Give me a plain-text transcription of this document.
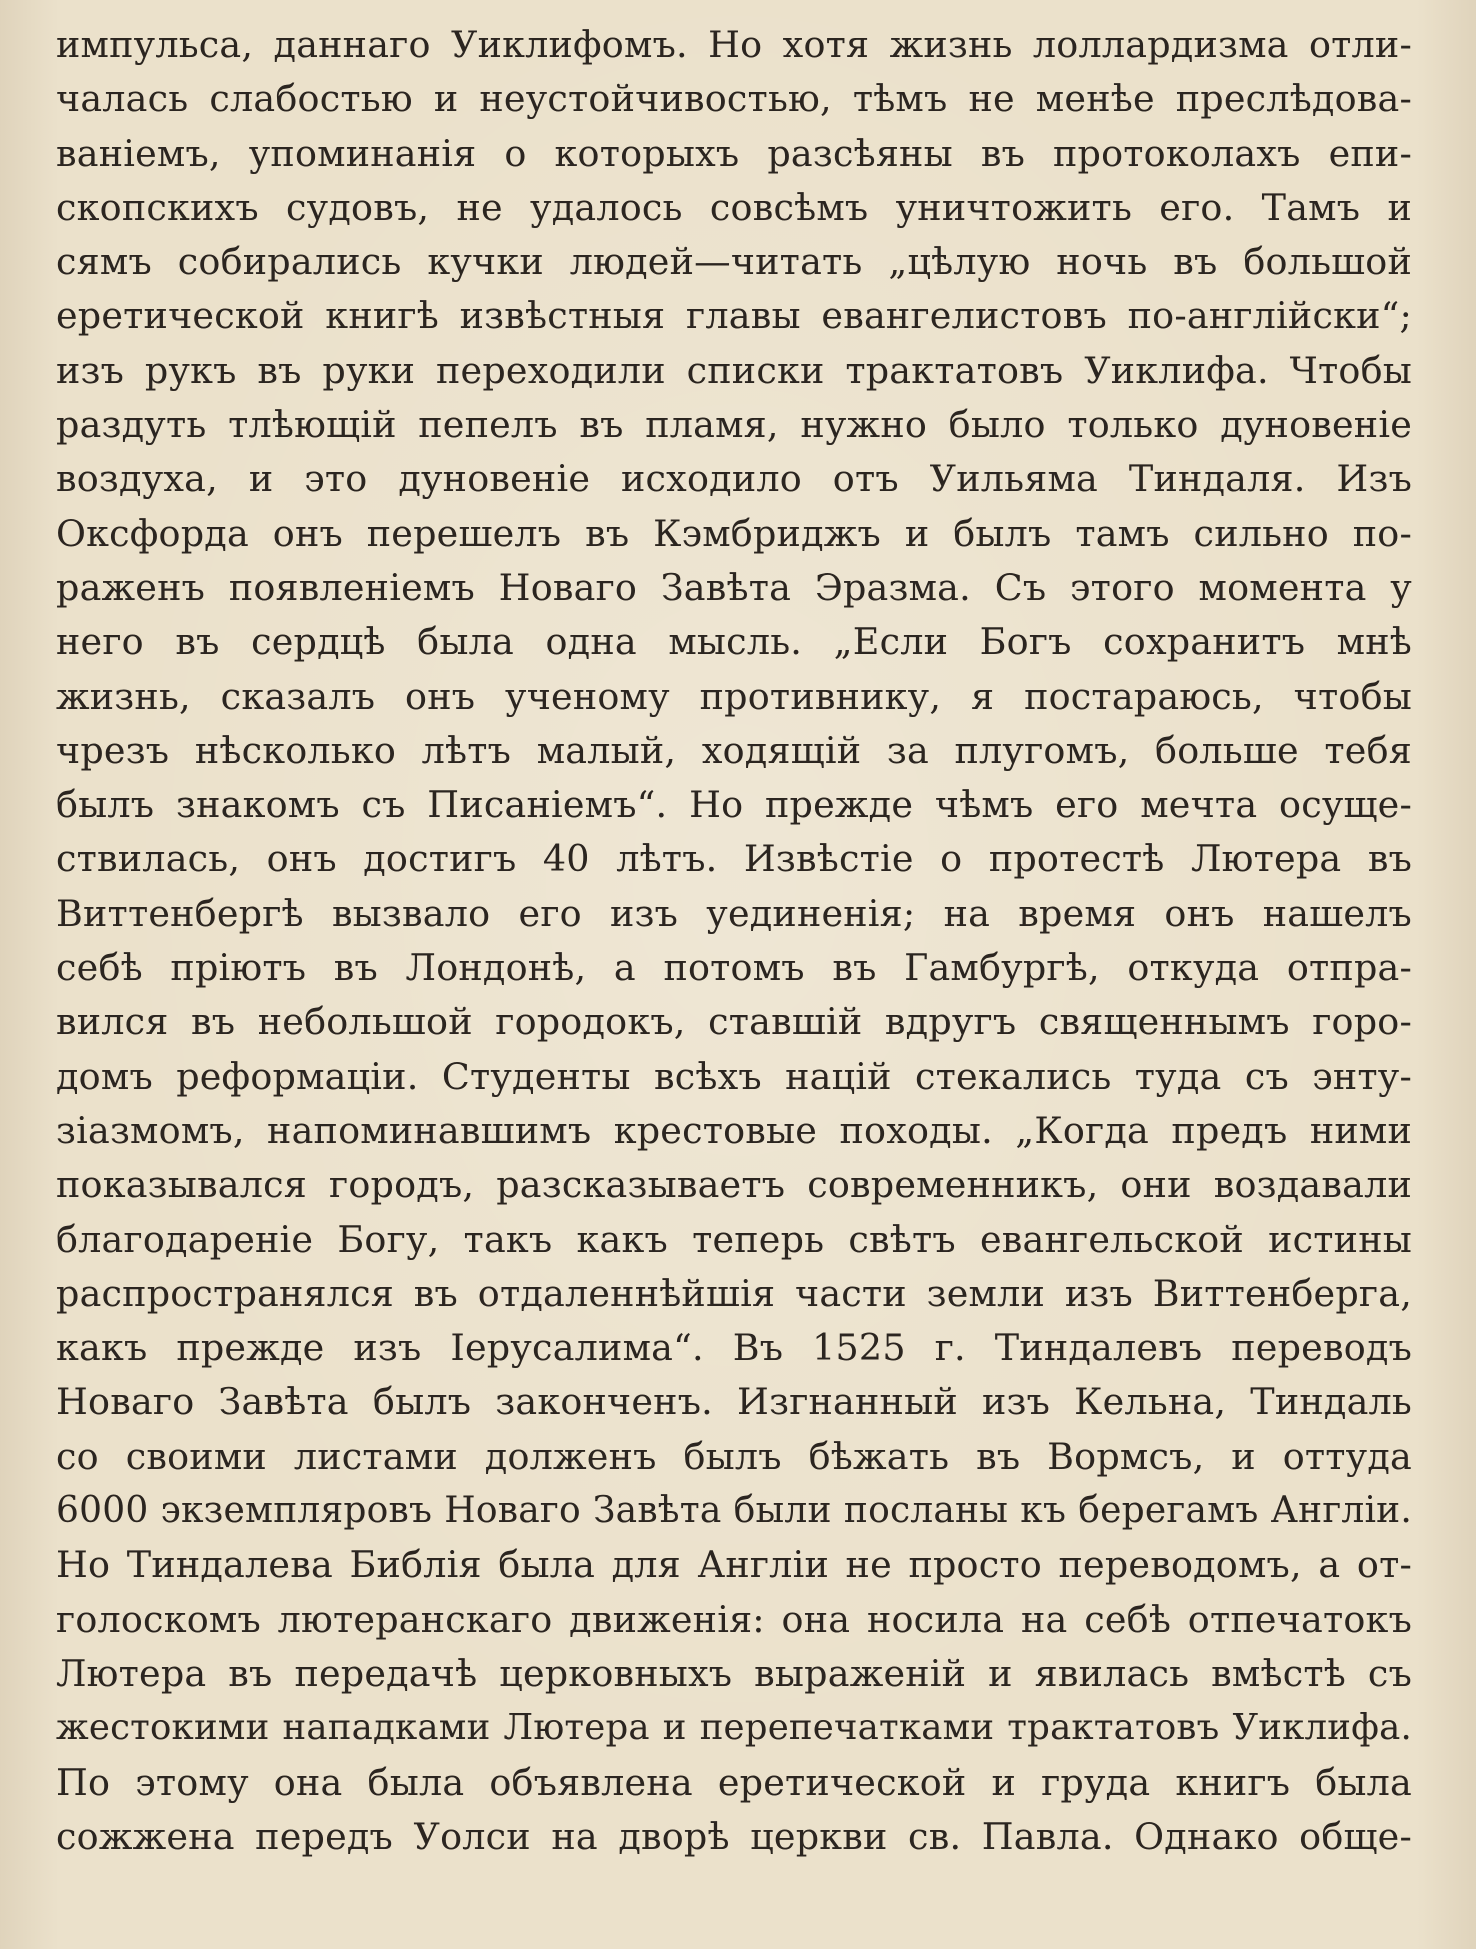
импульса, даннаго Уиклифомъ. Но хотя жизнь лоллардизма отли-
чалась слабостью и неустойчивостью, тѣмъ не менѣе преслѣдова-
ваніемъ, упоминанія о которыхъ разсѣяны въ протоколахъ епи-
скопскихъ судовъ, не удалось совсѣмъ уничтожить его. Тамъ и
сямъ собирались кучки людей—читать „цѣлую ночь въ большой
еретической книгѣ извѣстныя главы евангелистовъ по-англійски“;
изъ рукъ въ руки переходили списки трактатовъ Уиклифа. Чтобы
раздуть тлѣющій пепелъ въ пламя, нужно было только дуновеніе
воздуха, и это дуновеніе исходило отъ Уильяма Тиндаля. Изъ
Оксфорда онъ перешелъ въ Кэмбриджъ и былъ тамъ сильно по-
раженъ появленіемъ Новаго Завѣта Эразма. Съ этого момента у
него въ сердцѣ была одна мысль. „Если Богъ сохранитъ мнѣ
жизнь, сказалъ онъ ученому противнику, я постараюсь, чтобы
чрезъ нѣсколько лѣтъ малый, ходящій за плугомъ, больше тебя
былъ знакомъ съ Писаніемъ“. Но прежде чѣмъ его мечта осуще-
ствилась, онъ достигъ 40 лѣтъ. Извѣстіе о протестѣ Лютера въ
Виттенбергѣ вызвало его изъ уединенія; на время онъ нашелъ
себѣ пріютъ въ Лондонѣ, а потомъ въ Гамбургѣ, откуда отпра-
вился въ небольшой городокъ, ставшій вдругъ священнымъ горо-
домъ реформаціи. Студенты всѣхъ націй стекались туда съ энту-
зіазмомъ, напоминавшимъ крестовые походы. „Когда предъ ними
показывался городъ, разсказываетъ современникъ, они воздавали
благодареніе Богу, такъ какъ теперь свѣтъ евангельской истины
распространялся въ отдаленнѣйшія части земли изъ Виттенберга,
какъ прежде изъ Іерусалима“. Въ 1525 г. Тиндалевъ переводъ
Новаго Завѣта былъ законченъ. Изгнанный изъ Кельна, Тиндаль
со своими листами долженъ былъ бѣжать въ Вормсъ, и оттуда
6000 экземпляровъ Новаго Завѣта были посланы къ берегамъ Англіи.
Но Тиндалева Библія была для Англіи не просто переводомъ, а от-
голоскомъ лютеранскаго движенія: она носила на себѣ отпечатокъ
Лютера въ передачѣ церковныхъ выраженій и явилась вмѣстѣ съ
жестокими нападками Лютера и перепечатками трактатовъ Уиклифа.
По этому она была объявлена еретической и груда книгъ была
сожжена передъ Уолси на дворѣ церкви св. Павла. Однако обще-
